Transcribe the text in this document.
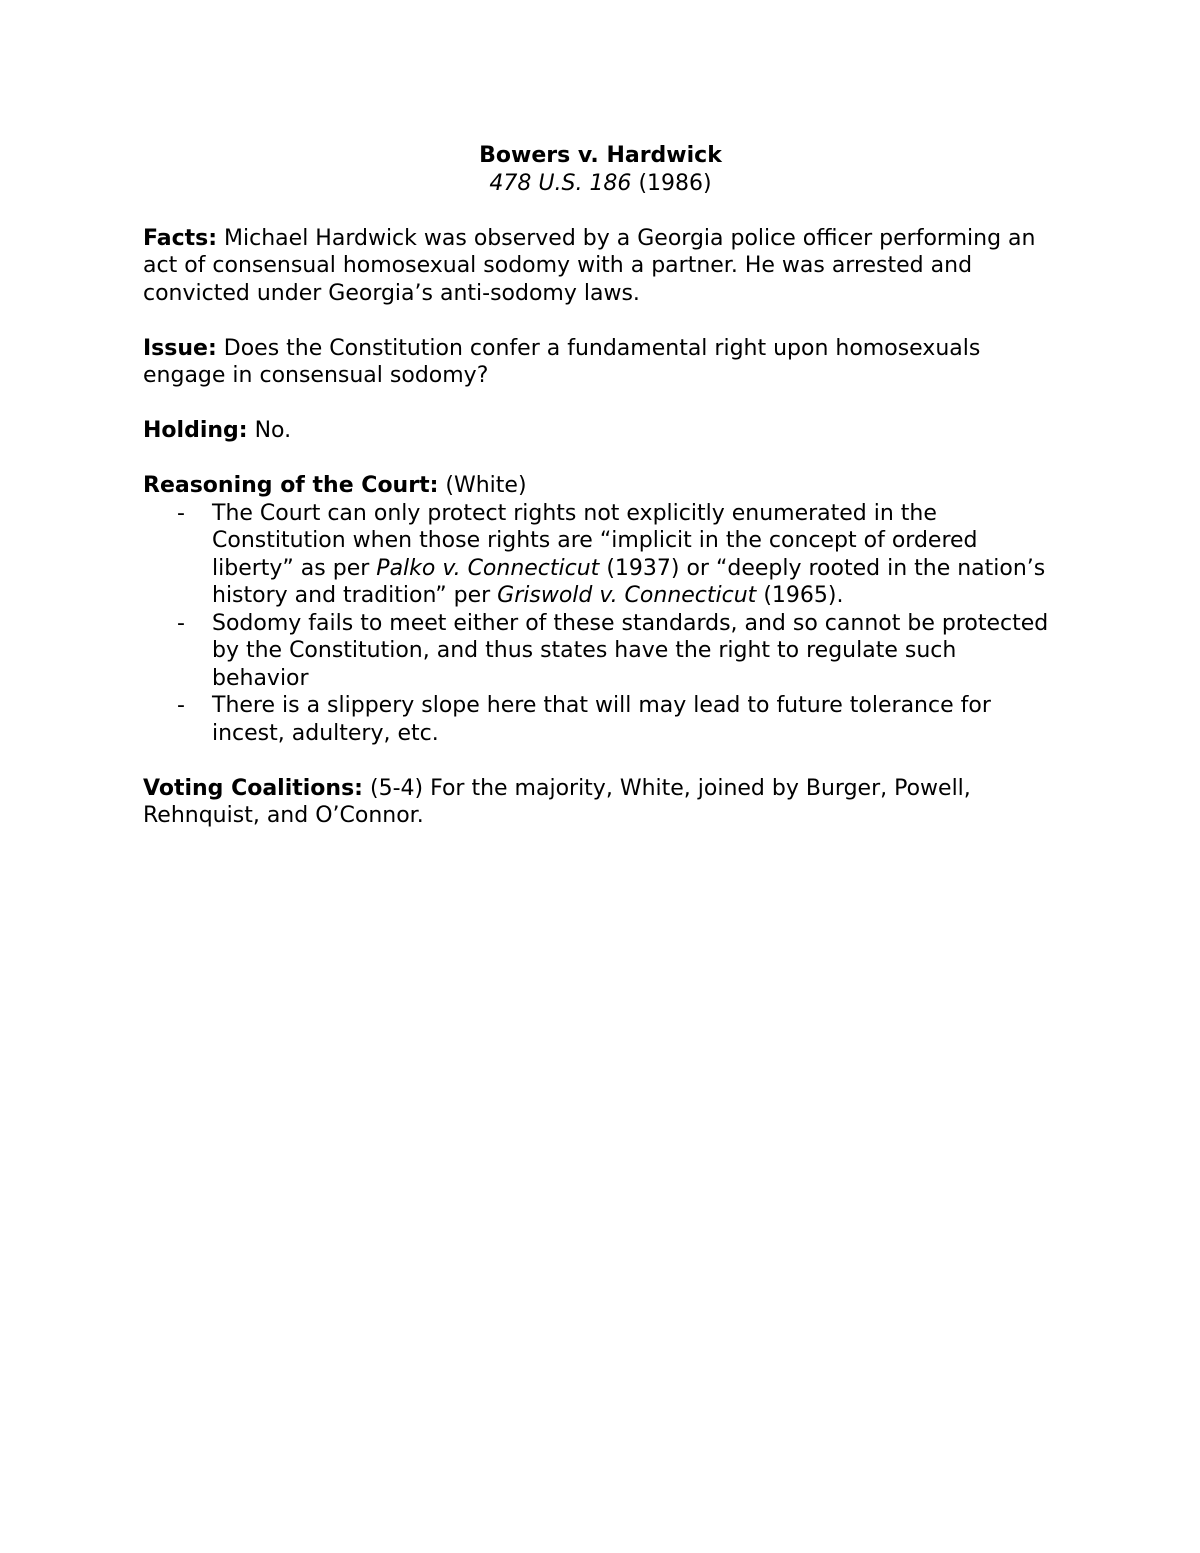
Bowers v. Hardwick

478 U.S. 186 (1986)

Facts: Michael Hardwick was observed by a Georgia police officer performing an act of consensual homosexual sodomy with a partner. He was arrested and convicted under Georgia’s anti-sodomy laws.

Issue: Does the Constitution confer a fundamental right upon homosexuals engage in consensual sodomy?

Holding: No.

Reasoning of the Court: (White)
- The Court can only protect rights not explicitly enumerated in the Constitution when those rights are “implicit in the concept of ordered liberty” as per Palko v. Connecticut (1937) or “deeply rooted in the nation’s history and tradition” per Griswold v. Connecticut (1965).
- Sodomy fails to meet either of these standards, and so cannot be protected by the Constitution, and thus states have the right to regulate such behavior
- There is a slippery slope here that will may lead to future tolerance for incest, adultery, etc.

Voting Coalitions: (5-4) For the majority, White, joined by Burger, Powell, Rehnquist, and O’Connor.
